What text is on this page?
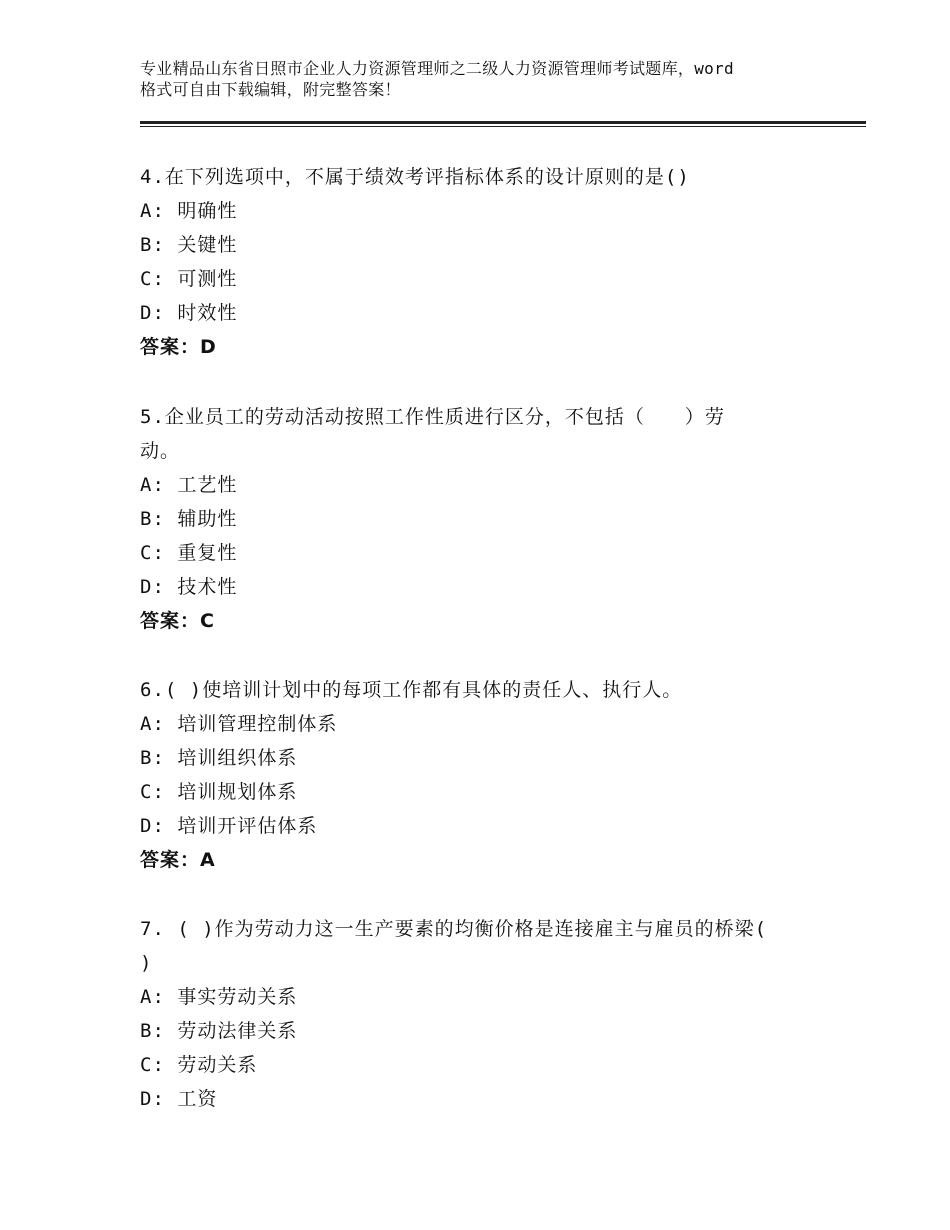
专业精品山东省日照市企业人力资源管理师之二级人力资源管理师考试题库，word
格式可自由下载编辑，附完整答案！

4.在下列选项中，不属于绩效考评指标体系的设计原则的是()

A: 明确性

B: 关键性

C: 可测性

D: 时效性

答案：D

5.企业员工的劳动活动按照工作性质进行区分，不包括（　　）劳

动。

A: 工艺性

B: 辅助性

C: 重复性

D: 技术性

答案：C

6.( )使培训计划中的每项工作都有具体的责任人、执行人。

A: 培训管理控制体系

B: 培训组织体系

C: 培训规划体系

D: 培训开评估体系

答案：A

7. ( )作为劳动力这一生产要素的均衡价格是连接雇主与雇员的桥梁(

)

A: 事实劳动关系

B: 劳动法律关系

C: 劳动关系

D: 工资
